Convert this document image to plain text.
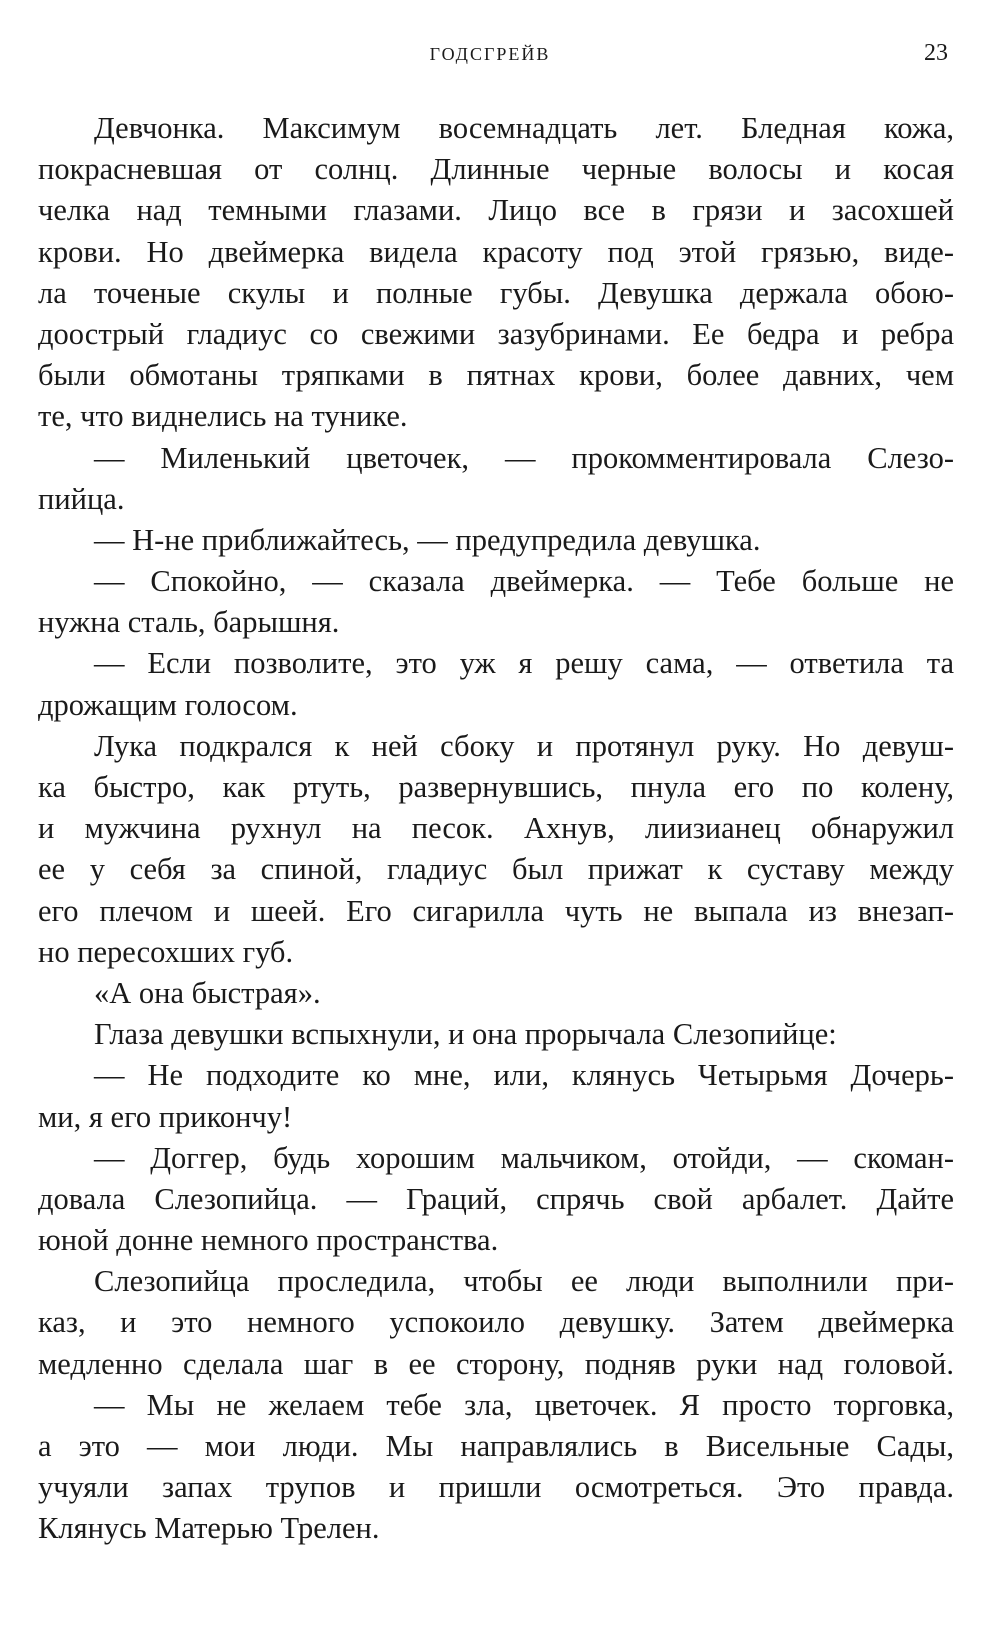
ГОДСГРЕЙВ	23
Девчонка. Максимум восемнадцать лет. Бледная кожа,
покрасневшая от солнц. Длинные черные волосы и косая
челка над темными глазами. Лицо все в грязи и засохшей
крови. Но двеймерка видела красоту под этой грязью, виде-
ла точеные скулы и полные губы. Девушка держала обою-
доострый гладиус со свежими зазубринами. Ее бедра и ребра
были обмотаны тряпками в пятнах крови, более давних, чем
те, что виднелись на тунике.
— Миленький цветочек, — прокомментировала Слезо-
пийца.
— Н-не приближайтесь, — предупредила девушка.
— Спокойно, — сказала двеймерка. — Тебе больше не
нужна сталь, барышня.
— Если позволите, это уж я решу сама, — ответила та
дрожащим голосом.
Лука подкрался к ней сбоку и протянул руку. Но девуш-
ка быстро, как ртуть, развернувшись, пнула его по колену,
и мужчина рухнул на песок. Ахнув, лиизианец обнаружил
ее у себя за спиной, гладиус был прижат к суставу между
его плечом и шеей. Его сигарилла чуть не выпала из внезап-
но пересохших губ.
«А она быстрая».
Глаза девушки вспыхнули, и она прорычала Слезопийце:
— Не подходите ко мне, или, клянусь Четырьмя Дочерь-
ми, я его прикончу!
— Доггер, будь хорошим мальчиком, отойди, — скоман-
довала Слезопийца. — Граций, спрячь свой арбалет. Дайте
юной донне немного пространства.
Слезопийца проследила, чтобы ее люди выполнили при-
каз, и это немного успокоило девушку. Затем двеймерка
медленно сделала шаг в ее сторону, подняв руки над головой.
— Мы не желаем тебе зла, цветочек. Я просто торговка,
а это — мои люди. Мы направлялись в Висельные Сады,
учуяли запах трупов и пришли осмотреться. Это правда.
Клянусь Матерью Трелен.
